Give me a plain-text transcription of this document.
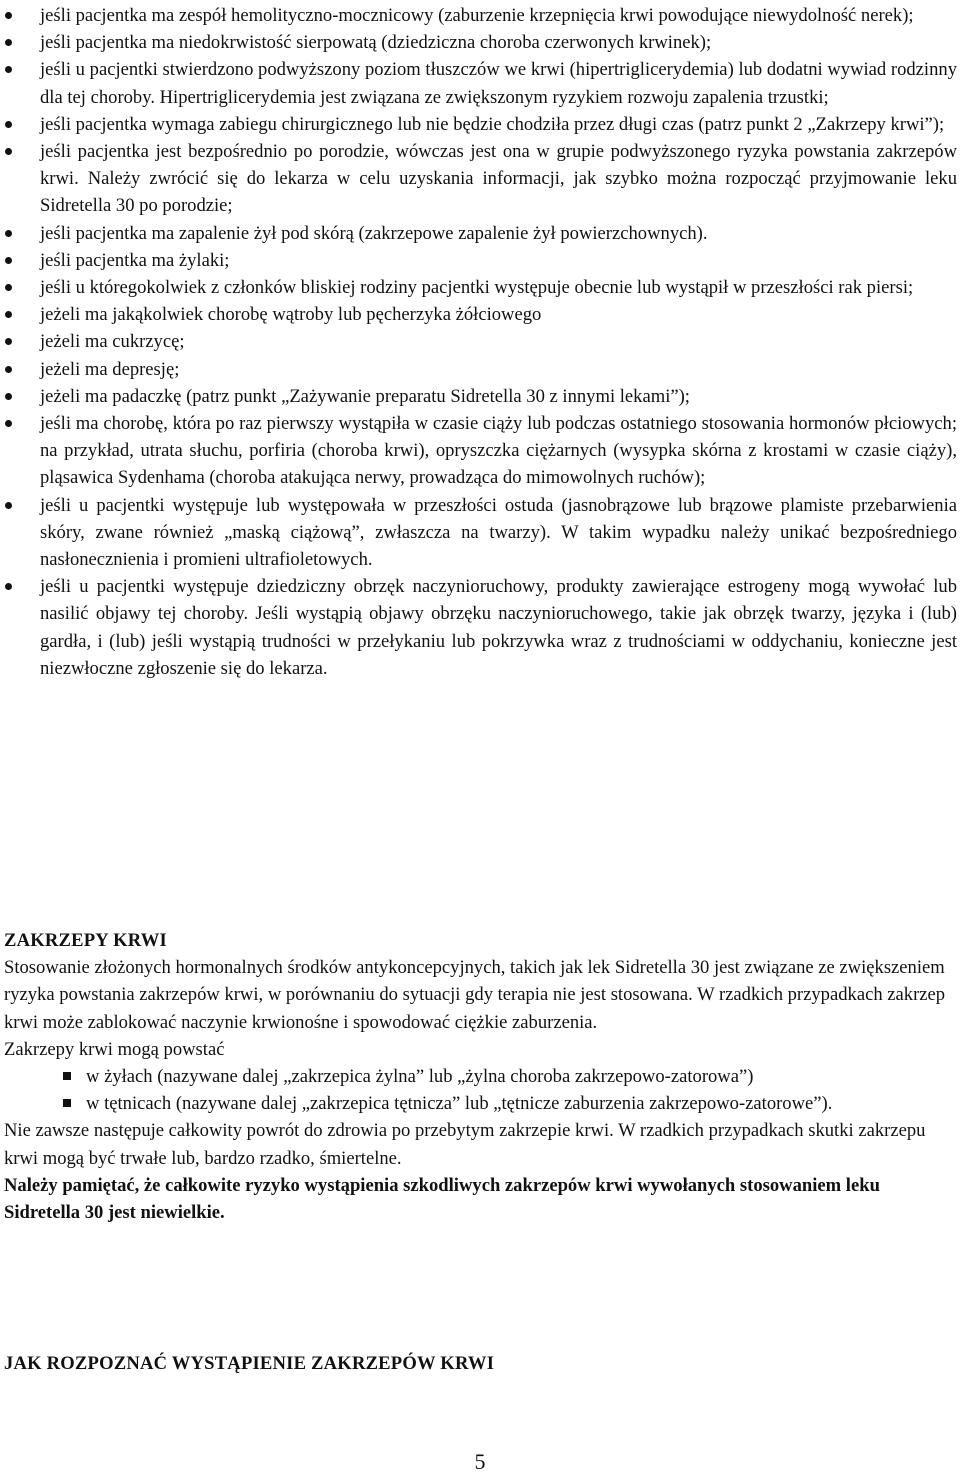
jeśli pacjentka ma zespół hemolityczno-mocznicowy (zaburzenie krzepnięcia krwi powodujące niewydolność nerek);
jeśli pacjentka ma niedokrwistość sierpowatą (dziedziczna choroba czerwonych krwinek);
jeśli u pacjentki stwierdzono podwyższony poziom tłuszczów we krwi (hipertriglicerydemia) lub dodatni wywiad rodzinny dla tej choroby. Hipertriglicerydemia jest związana ze zwiększonym ryzykiem rozwoju zapalenia trzustki;
jeśli pacjentka wymaga zabiegu chirurgicznego lub nie będzie chodziła przez długi czas (patrz punkt 2 „Zakrzepy krwi”);
jeśli pacjentka jest bezpośrednio po porodzie, wówczas jest ona w grupie podwyższonego ryzyka powstania zakrzepów krwi. Należy zwrócić się do lekarza w celu uzyskania informacji, jak szybko można rozpocząć przyjmowanie leku Sidretella 30 po porodzie;
jeśli pacjentka ma zapalenie żył pod skórą (zakrzepowe zapalenie żył powierzchownych).
jeśli pacjentka ma żylaki;
jeśli u któregokolwiek z członków bliskiej rodziny pacjentki występuje obecnie lub wystąpił w przeszłości rak piersi;
jeżeli ma jakąkolwiek chorobę wątroby lub pęcherzyka żółciowego
jeżeli ma cukrzycę;
jeżeli ma depresję;
jeżeli ma padaczkę (patrz punkt „Zażywanie preparatu Sidretella 30 z innymi lekami”);
jeśli ma chorobę, która po raz pierwszy wystąpiła w czasie ciąży lub podczas ostatniego stosowania hormonów płciowych; na przykład, utrata słuchu, porfiria (choroba krwi), opryszczka ciężarnych (wysypka skórna z krostami w czasie ciąży), pląsawica Sydenhama (choroba atakująca nerwy, prowadząca do mimowolnych ruchów);
jeśli u pacjentki występuje lub występowała w przeszłości ostuda (jasnobrązowe lub brązowe plamiste przebarwienia skóry, zwane również „maską ciążową”, zwłaszcza na twarzy). W takim wypadku należy unikać bezpośredniego nasłonecznienia i promieni ultrafioletowych.
jeśli u pacjentki występuje dziedziczny obrzęk naczynioruchowy, produkty zawierające estrogeny mogą wywołać lub nasilić objawy tej choroby. Jeśli wystąpią objawy obrzęku naczynioruchowego, takie jak obrzęk twarzy, języka i (lub) gardła, i (lub) jeśli wystąpią trudności w przełykaniu lub pokrzywka wraz z trudnościami w oddychaniu, konieczne jest niezwłoczne zgłoszenie się do lekarza.

ZAKRZEPY KRWI

Stosowanie złożonych hormonalnych środków antykoncepcyjnych, takich jak lek Sidretella 30 jest związane ze zwiększeniem ryzyka powstania zakrzepów krwi, w porównaniu do sytuacji gdy terapia nie jest stosowana. W rzadkich przypadkach zakrzep krwi może zablokować naczynie krwionośne i spowodować ciężkie zaburzenia.

Zakrzepy krwi mogą powstać

w żyłach (nazywane dalej „zakrzepica żylna” lub „żylna choroba zakrzepowo-zatorowa”)
w tętnicach (nazywane dalej „zakrzepica tętnicza” lub „tętnicze zaburzenia zakrzepowo-zatorowe”).

Nie zawsze następuje całkowity powrót do zdrowia po przebytym zakrzepie krwi. W rzadkich przypadkach skutki zakrzepu krwi mogą być trwałe lub, bardzo rzadko, śmiertelne.

Należy pamiętać, że całkowite ryzyko wystąpienia szkodliwych zakrzepów krwi wywołanych stosowaniem leku Sidretella 30 jest niewielkie.

JAK ROZPOZNAĆ WYSTĄPIENIE ZAKRZEPÓW KRWI

5
